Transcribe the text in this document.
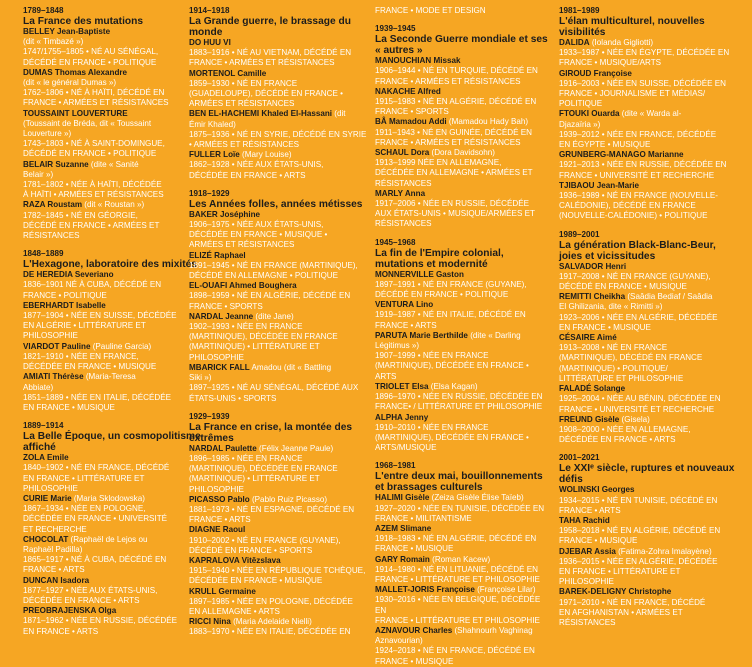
1789–1848
La France des mutations
BELLEY Jean-Baptiste
(dit « Timbazé »)
1747/1755–1805 • NÉ AU SÉNÉGAL,
DÉCÉDÉ EN FRANCE • POLITIQUE
DUMAS Thomas Alexandre
(dit « le général Dumas »)
1762–1806 • NÉ À HAÏTI, DÉCÉDÉ EN
FRANCE • ARMÉES ET RÉSISTANCES
TOUSSAINT LOUVERTURE
(Toussaint de Bréda, dit « Toussaint
Louverture »)
1743–1803 • NÉ À SAINT-DOMINGUE,
DÉCÉDÉ EN FRANCE • POLITIQUE
BELAIR Suzanne (dite « Sanité
Belair »)
1781–1802 • NÉE À HAÏTI, DÉCÉDÉE
À HAÏTI • ARMÉES ET RÉSISTANCES
RAZA Roustam (dit « Roustan »)
1782–1845 • NÉ EN GÉORGIE,
DÉCÉDÉ EN FRANCE • ARMÉES ET
RÉSISTANCES
1848–1889
L'Hexagone, laboratoire des mixités
DE HEREDIA Severiano
1836–1901 NÉ À CUBA, DÉCÉDÉ EN
FRANCE • POLITIQUE
EBERHARDT Isabelle
1877–1904 • NÉE EN SUISSE, DÉCÉDÉE
EN ALGÉRIE • LITTÉRATURE ET
PHILOSOPHIE
VIARDOT Pauline (Pauline Garcia)
1821–1910 • NÉE EN FRANCE,
DÉCÉDÉE EN FRANCE • MUSIQUE
AMIATI Thérèse (Maria-Teresa
Abbiate)
1851–1889 • NÉE EN ITALIE, DÉCÉDÉE
EN FRANCE • MUSIQUE
1889–1914
La Belle Époque, un cosmopolitisme affiché
ZOLA Emile
1840–1902 • NÉ EN FRANCE, DÉCÉDÉ
EN FRANCE • LITTÉRATURE ET
PHILOSOPHIE
CURIE Marie (Maria Sklodowska)
1867–1934 • NÉE EN POLOGNE,
DÉCÉDÉE EN FRANCE • UNIVERSITÉ
ET RECHERCHE
CHOCOLAT (Raphaël de Lejos ou
Raphaël Padilla)
1865–1917 • NÉ À CUBA, DÉCÉDÉ EN
FRANCE • ARTS
DUNCAN Isadora
1877–1927 • NÉE AUX ÉTATS-UNIS,
DÉCÉDÉE EN FRANCE • ARTS
PREOBRAJENSKA Olga
1871–1962 • NÉE EN RUSSIE, DÉCÉDÉE
EN FRANCE • ARTS
1914–1918
La Grande guerre, le brassage du monde
DO HUU VI
1883–1916 • NÉ AU VIETNAM, DÉCÉDÉ EN
FRANCE • ARMÉES ET RÉSISTANCES
MORTENOL Camille
1859–1930 • NÉ EN FRANCE
(GUADELOUPE), DÉCÉDÉ EN FRANCE •
ARMÉES ET RÉSISTANCES
BEN EL-HACHEMI Khaled El-Hassani (dit
Émir Khaled)
1875–1936 • NÉ EN SYRIE, DÉCÉDÉ EN SYRIE
• ARMÉES ET RÉSISTANCES
FULLER Loïe (Mary Louise)
1862–1928 • NÉE AUX ÉTATS-UNIS,
DÉCÉDÉE EN FRANCE • ARTS
1918–1929
Les Années folles, années métisses
BAKER Joséphine
1906–1975 • NÉE AUX ÉTATS-UNIS,
DÉCÉDÉE EN FRANCE • MUSIQUE •
ARMÉES ET RÉSISTANCES
ELIZÉ Raphael
1891–1945 • NÉ EN FRANCE (MARTINIQUE),
DÉCÉDÉ EN ALLEMAGNE • POLITIQUE
EL-OUAFI Ahmed Boughera
1898–1959 • NÉ EN ALGÉRIE, DÉCÉDÉ EN
FRANCE • SPORTS
NARDAL Jeanne (dite Jane)
1902–1993 • NÉE EN FRANCE
(MARTINIQUE), DÉCÉDÉE EN FRANCE
(MARTINIQUE) • LITTÉRATURE ET
PHILOSOPHIE
MBARICK FALL Amadou (dit « Battling
Siki »)
1897–1925 • NÉ AU SÉNÉGAL, DÉCÉDÉ AUX
ÉTATS-UNIS • SPORTS
1929–1939
La France en crise, la montée des extrêmes
NARDAL Paulette (Félix Jeanne Paule)
1896–1985 • NÉE EN FRANCE
(MARTINIQUE), DÉCÉDÉE EN FRANCE
(MARTINIQUE) • LITTÉRATURE ET
PHILOSOPHIE
PICASSO Pablo (Pablo Ruiz Picasso)
1881–1973 • NÉ EN ESPAGNE, DÉCÉDÉ EN
FRANCE • ARTS
DIAGNE Raoul
1910–2002 • NÉ EN FRANCE (GUYANE),
DÉCÉDÉ EN FRANCE • SPORTS
KAPRALOVA Vitězslava
1915–1940 • NÉE EN RÉPUBLIQUE TCHÈQUE,
DÉCÉDÉE EN FRANCE • MUSIQUE
KRULL Germaine
1897–1985 • NÉE EN POLOGNE, DÉCÉDÉE
EN ALLEMAGNE • ARTS
RICCI Nina (Maria Adelaide Nielli)
1883–1970 • NÉE EN ITALIE, DÉCÉDÉE EN
FRANCE • MODE ET DESIGN
1939–1945
La Seconde Guerre mondiale et ses « autres »
MANOUCHIAN Missak
1906–1944 • NÉ EN TURQUIE, DÉCÉDÉ EN
FRANCE • ARMÉES ET RÉSISTANCES
NAKACHE Alfred
1915–1983 • NÉ EN ALGÉRIE, DÉCÉDÉ EN
FRANCE • SPORTS
BÂ Mamadou Addi (Mamadou Hady Bah)
1911–1943 • NÉ EN GUINÉE, DÉCÉDÉ EN
FRANCE • ARMÉES ET RÉSISTANCES
SCHAUL Dora (Dora Davidsohn)
1913–1999 NÉE EN ALLEMAGNE,
DÉCÉDÉE EN ALLEMAGNE • ARMÉES ET
RÉSISTANCES
MARLY Anna
1917–2006 • NÉE EN RUSSIE, DÉCÉDÉE
AUX ÉTATS-UNIS • MUSIQUE/ARMÉES ET
RÉSISTANCES
1945–1968
La fin de l'Empire colonial, mutations et modernité
MONNERVILLE Gaston
1897–1991 • NÉ EN FRANCE (GUYANE),
DÉCÉDÉ EN FRANCE • POLITIQUE
VENTURA Lino
1919–1987 • NÉ EN ITALIE, DÉCÉDÉ EN
FRANCE • ARTS
PARUTA Marie Berthilde (dite « Darling
Légitimus »)
1907–1999 • NÉE EN FRANCE
(MARTINIQUE), DÉCÉDÉE EN FRANCE •
ARTS
TRIOLET Elsa (Elsa Kagan)
1896–1970 • NÉE EN RUSSIE, DÉCÉDÉE EN
FRANCE• / LITTÉRATURE ET PHILOSOPHIE
ALPHA Jenny
1910–2010 • NÉE EN FRANCE
(MARTINIQUE), DÉCÉDÉE EN FRANCE •
ARTS/MUSIQUE
1968–1981
L'entre deux mai, bouillonnements et brassages culturels
HALIMI Gisèle (Zeiza Gisèle Élise Taïeb)
1927–2020 • NÉE EN TUNISIE, DÉCÉDÉE EN
FRANCE • MILITANTISME
AZEM Slimane
1918–1983 • NÉ EN ALGÉRIE, DÉCÉDÉ EN
FRANCE • MUSIQUE
GARY Romain (Roman Kacew)
1914–1980 • NÉ EN LITUANIE, DÉCÉDÉ EN
FRANCE • LITTÉRATURE ET PHILOSOPHIE
MALLET-JORIS Françoise (Françoise Lilar)
1930–2016 • NÉE EN BELGIQUE, DÉCÉDÉE EN
FRANCE • LITTÉRATURE ET PHILOSOPHIE
AZNAVOUR Charles (Shahnourh Vaghinag
Aznavourian)
1924–2018 • NÉ EN FRANCE, DÉCÉDÉ EN
FRANCE • MUSIQUE
1981–1989
L'élan multiculturel, nouvelles visibilités
DALIDA (Iolanda Gigliotti)
1933–1987 • NÉE EN ÉGYPTE, DÉCÉDÉE EN
FRANCE • MUSIQUE/ARTS
GIROUD Françoise
1916–2003 • NÉE EN SUISSE, DÉCÉDÉE EN
FRANCE • JOURNALISME ET MÉDIAS/
POLITIQUE
FTOUKI Ouarda (dite « Warda al-
Djazaïria »)
1939–2012 • NÉE EN FRANCE, DÉCÉDÉE
EN ÉGYPTE • MUSIQUE
GRUNBERG-MANAGO Marianne
1921–2013 • NÉE EN RUSSIE, DÉCÉDÉE EN
FRANCE • UNIVERSITÉ ET RECHERCHE
TJIBAOU Jean-Marie
1936–1989 • NÉ EN FRANCE (NOUVELLE-
CALÉDONIE), DÉCÉDÉ EN FRANCE
(NOUVELLE-CALÉDONIE) • POLITIQUE
1989–2001
La génération Black-Blanc-Beur, joies et vicissitudes
SALVADOR Henri
1917–2008 • NÉ EN FRANCE (GUYANE),
DÉCÉDÉ EN FRANCE • MUSIQUE
REMITTI Cheikha (Saâdia Bediaf / Saâdia
El Ghilizania, dite « Rimitti »)
1923–2006 • NÉE EN ALGÉRIE, DÉCÉDÉE
EN FRANCE • MUSIQUE
CÉSAIRE Aimé
1913–2008 • NÉ EN FRANCE
(MARTINIQUE), DÉCÉDÉ EN FRANCE
(MARTINIQUE) • POLITIQUE/
LITTÉRATURE ET PHILOSOPHIE
FALADÉ Solange
1925–2004 • NÉE AU BÉNIN, DÉCÉDÉE EN
FRANCE • UNIVERSITÉ ET RECHERCHE
FREUND Gisèle (Gisela)
1908–2000 • NÉE EN ALLEMAGNE,
DÉCÉDÉE EN FRANCE • ARTS
2001–2021
Le XXIᵉ siècle, ruptures et nouveaux défis
WOLINSKI Georges
1934–2015 • NÉ EN TUNISIE, DÉCÉDÉ EN
FRANCE • ARTS
TAHA Rachid
1958–2018 • NÉ EN ALGÉRIE, DÉCÉDÉ EN
FRANCE • MUSIQUE
DJEBAR Assia (Fatima-Zohra Imalayène)
1936–2015 • NÉE EN ALGÉRIE, DÉCÉDÉE
EN FRANCE • LITTÉRATURE ET
PHILOSOPHIE
BAREK-DELIGNY Christophe
1971–2010 • NÉ EN FRANCE, DÉCÉDÉ
EN AFGHANISTAN • ARMÉES ET
RÉSISTANCES
